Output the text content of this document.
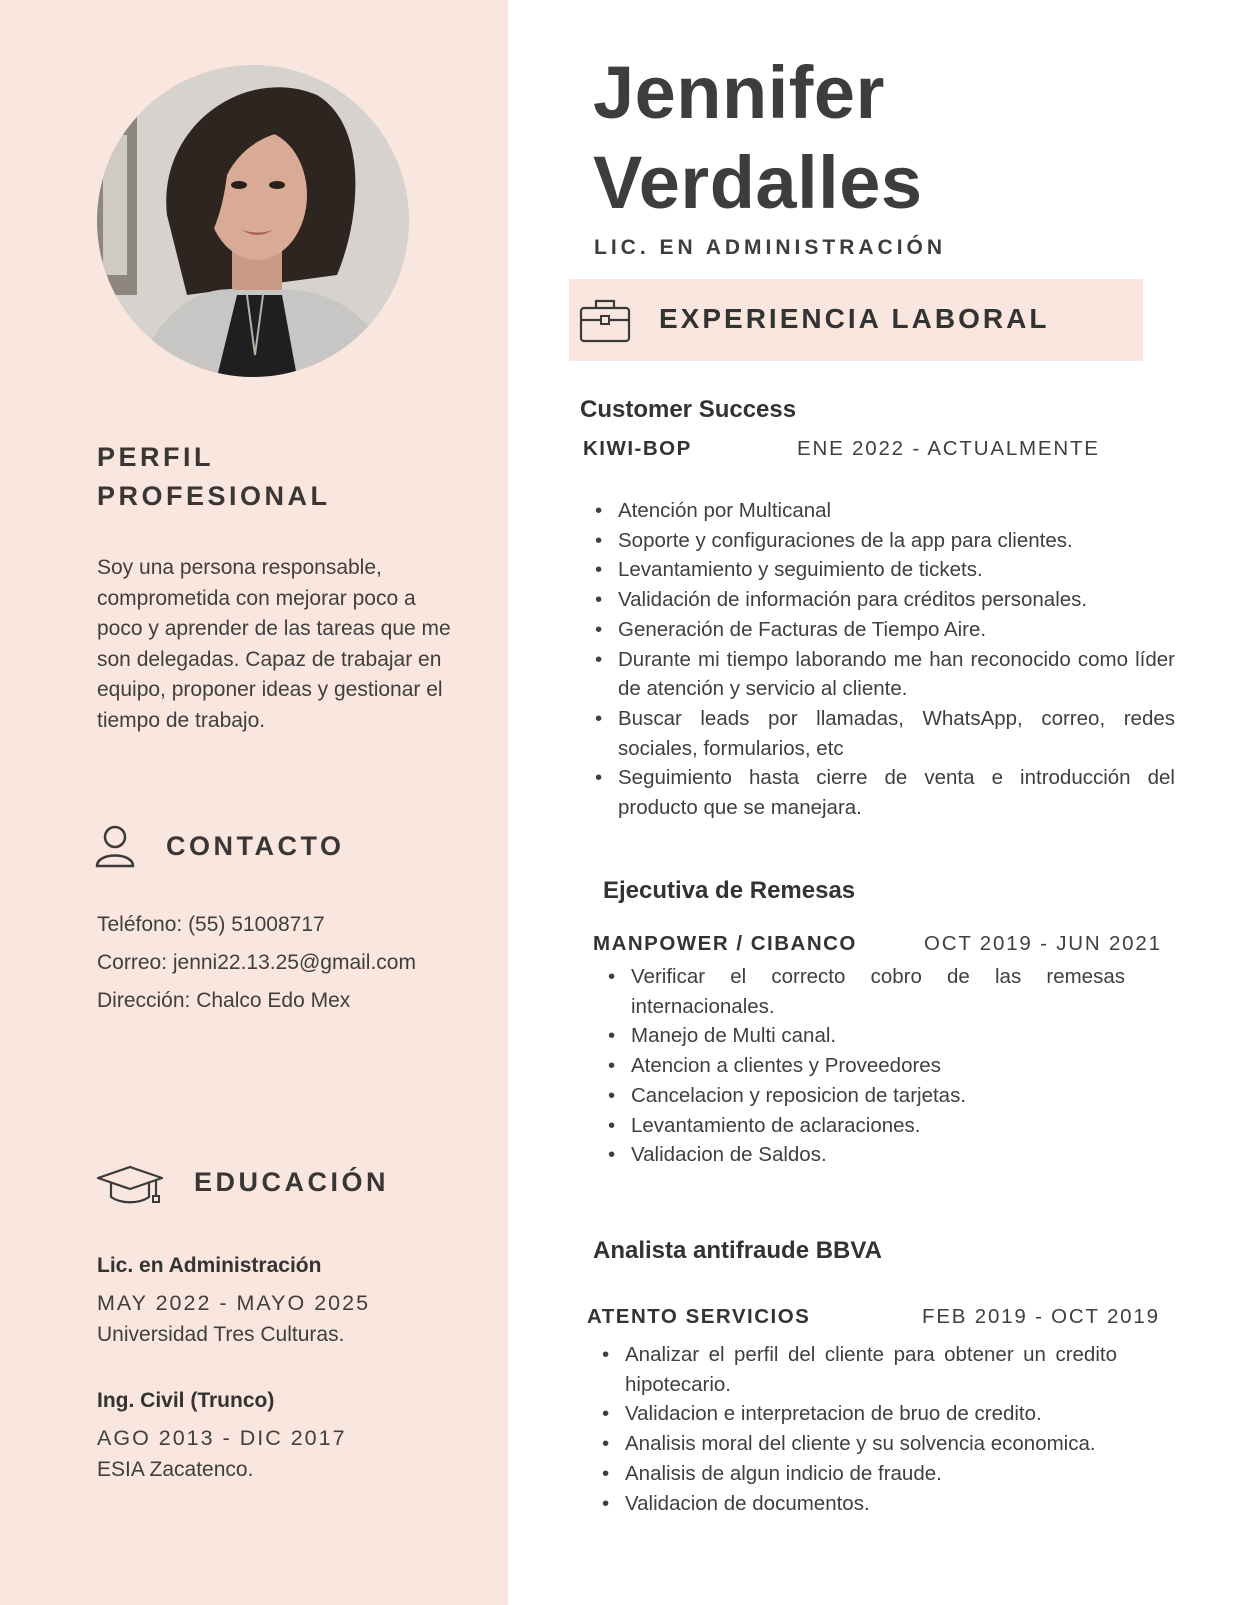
PERFIL
PROFESIONAL
Soy una persona responsable, comprometida con mejorar poco a poco y aprender de las tareas que me son delegadas. Capaz de trabajar en equipo, proponer ideas y gestionar el tiempo de trabajo.
CONTACTO
Teléfono: (55) 51008717
Correo: jenni22.13.25@gmail.com
Dirección: Chalco Edo Mex
EDUCACIÓN
Lic. en Administración
MAY 2022 - MAYO 2025
Universidad Tres Culturas.
Ing. Civil (Trunco)
AGO 2013 - DIC 2017
ESIA Zacatenco.
Jennifer
Verdalles
LIC. EN ADMINISTRACIÓN
EXPERIENCIA LABORAL
Customer Success
KIWI-BOP	ENE 2022 - ACTUALMENTE
• Atención por Multicanal
• Soporte y configuraciones de la app para clientes.
• Levantamiento y seguimiento de tickets.
• Validación de información para créditos personales.
• Generación de Facturas de Tiempo Aire.
• Durante mi tiempo laborando me han reconocido como líder de atención y servicio al cliente.
• Buscar leads por llamadas, WhatsApp, correo, redes sociales, formularios, etc
• Seguimiento hasta cierre de venta e introducción del producto que se manejara.
Ejecutiva de Remesas
MANPOWER / CIBANCO	OCT 2019 - JUN 2021
• Verificar el correcto cobro de las remesas internacionales.
• Manejo de Multi canal.
• Atencion a clientes y Proveedores
• Cancelacion y reposicion de tarjetas.
• Levantamiento de aclaraciones.
• Validacion de Saldos.
Analista antifraude BBVA
ATENTO SERVICIOS	FEB 2019 - OCT 2019
• Analizar el perfil del cliente para obtener un credito hipotecario.
• Validacion e interpretacion de bruo de credito.
• Analisis moral del cliente y su solvencia economica.
• Analisis de algun indicio de fraude.
• Validacion de documentos.
